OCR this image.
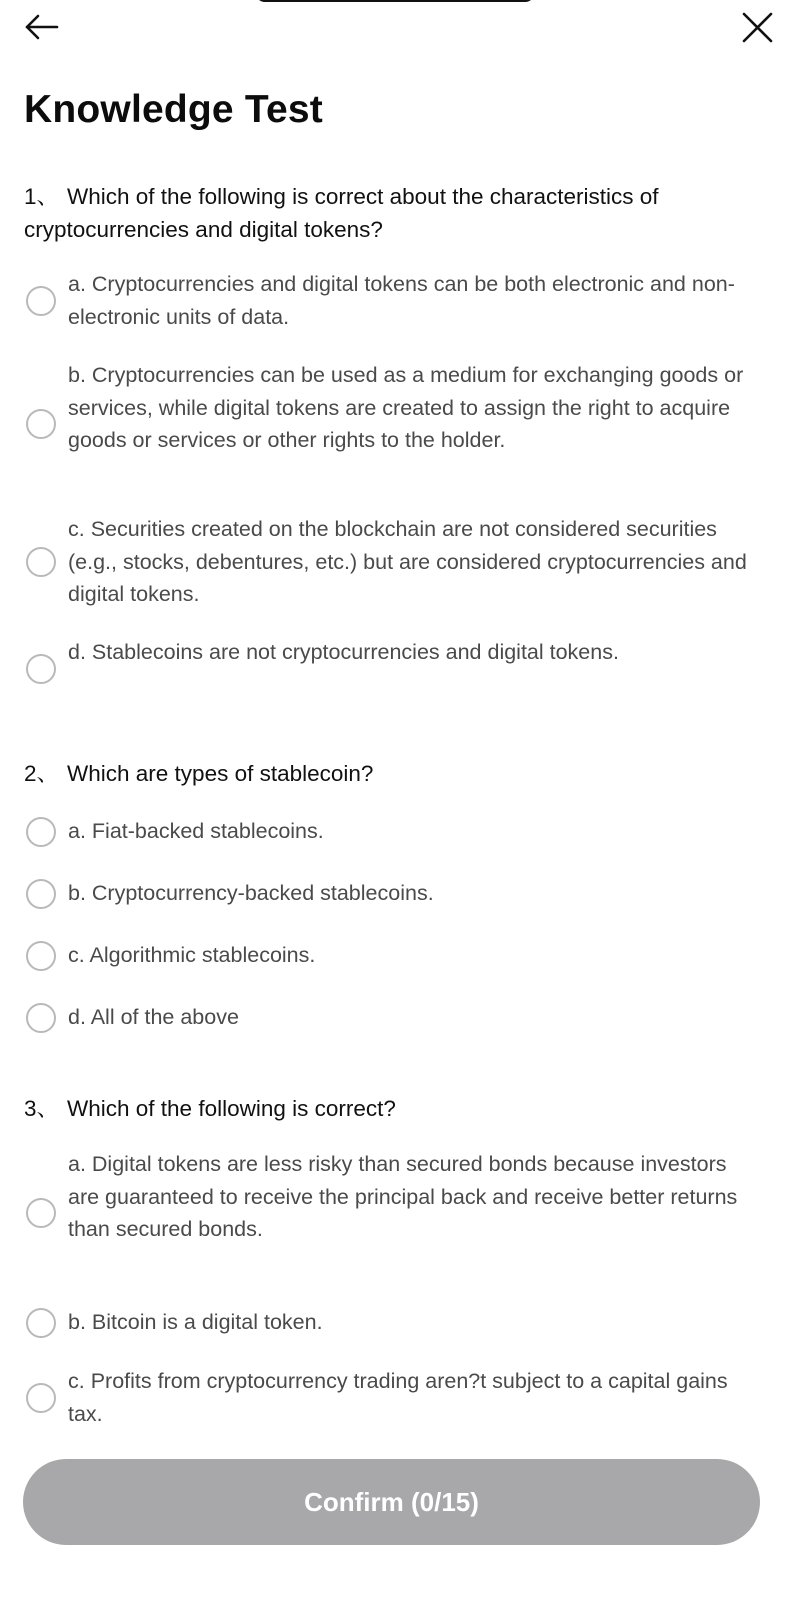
Knowledge Test
1、 Which of the following is correct about the characteristics of cryptocurrencies and digital tokens?
a. Cryptocurrencies and digital tokens can be both electronic and non-electronic units of data.
b. Cryptocurrencies can be used as a medium for exchanging goods or services, while digital tokens are created to assign the right to acquire goods or services or other rights to the holder.
c. Securities created on the blockchain are not considered securities (e.g., stocks, debentures, etc.) but are considered cryptocurrencies and digital tokens.
d. Stablecoins are not cryptocurrencies and digital tokens.
2、 Which are types of stablecoin?
a. Fiat-backed stablecoins.
b. Cryptocurrency-backed stablecoins.
c. Algorithmic stablecoins.
d. All of the above
3、 Which of the following is correct?
a. Digital tokens are less risky than secured bonds because investors are guaranteed to receive the principal back and receive better returns than secured bonds.
b. Bitcoin is a digital token.
c. Profits from cryptocurrency trading aren?t subject to a capital gains tax.
Confirm (0/15)
